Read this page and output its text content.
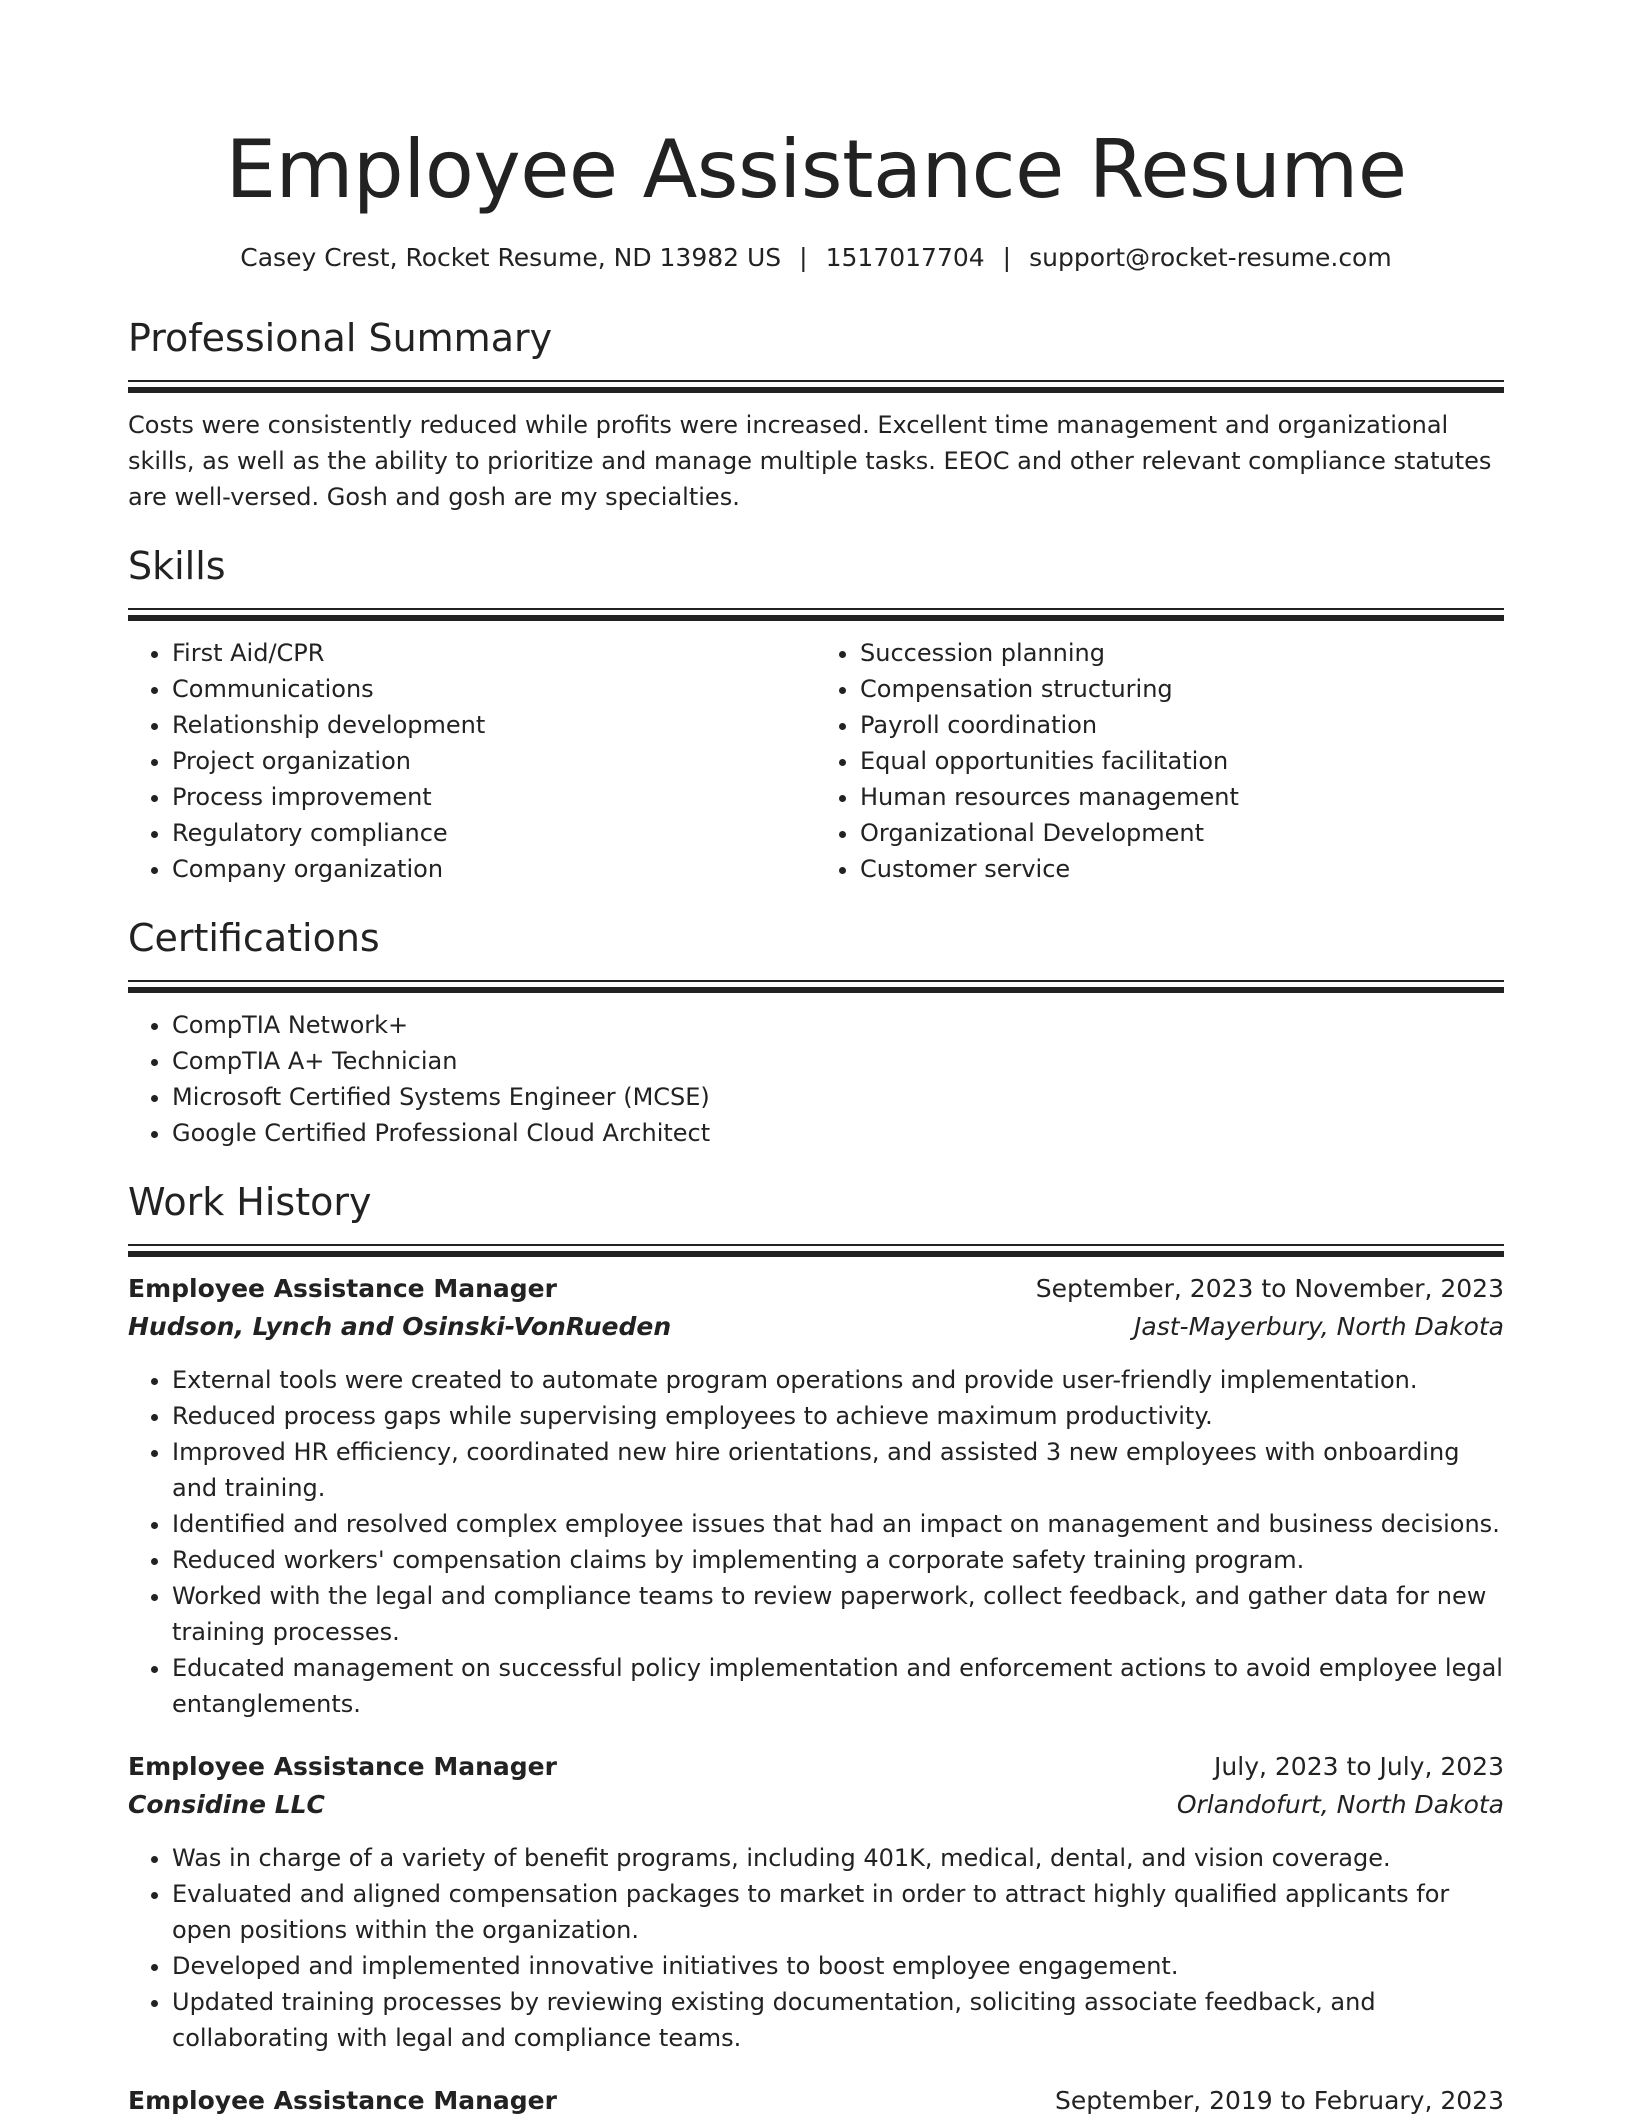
Employee Assistance Resume
Casey Crest, Rocket Resume, ND 13982 US | 1517017704 | support@rocket-resume.com
Professional Summary

Costs were consistently reduced while profits were increased. Excellent time management and organizational skills, as well as the ability to prioritize and manage multiple tasks. EEOC and other relevant compliance statutes are well-versed. Gosh and gosh are my specialties.

Skills
• First Aid/CPR
• Communications
• Relationship development
• Project organization
• Process improvement
• Regulatory compliance
• Company organization
• Succession planning
• Compensation structuring
• Payroll coordination
• Equal opportunities facilitation
• Human resources management
• Organizational Development
• Customer service
Certifications
• CompTIA Network+
• CompTIA A+ Technician
• Microsoft Certified Systems Engineer (MCSE)
• Google Certified Professional Cloud Architect
Work History
Employee Assistance Manager	September, 2023 to November, 2023
Hudson, Lynch and Osinski-VonRueden	Jast-Mayerbury, North Dakota
• External tools were created to automate program operations and provide user-friendly implementation.
• Reduced process gaps while supervising employees to achieve maximum productivity.
• Improved HR efficiency, coordinated new hire orientations, and assisted 3 new employees with onboarding and training.
• Identified and resolved complex employee issues that had an impact on management and business decisions.
• Reduced workers' compensation claims by implementing a corporate safety training program.
• Worked with the legal and compliance teams to review paperwork, collect feedback, and gather data for new training processes.
• Educated management on successful policy implementation and enforcement actions to avoid employee legal entanglements.
Employee Assistance Manager	July, 2023 to July, 2023
Considine LLC	Orlandofurt, North Dakota
• Was in charge of a variety of benefit programs, including 401K, medical, dental, and vision coverage.
• Evaluated and aligned compensation packages to market in order to attract highly qualified applicants for open positions within the organization.
• Developed and implemented innovative initiatives to boost employee engagement.
• Updated training processes by reviewing existing documentation, soliciting associate feedback, and collaborating with legal and compliance teams.
Employee Assistance Manager	September, 2019 to February, 2023
